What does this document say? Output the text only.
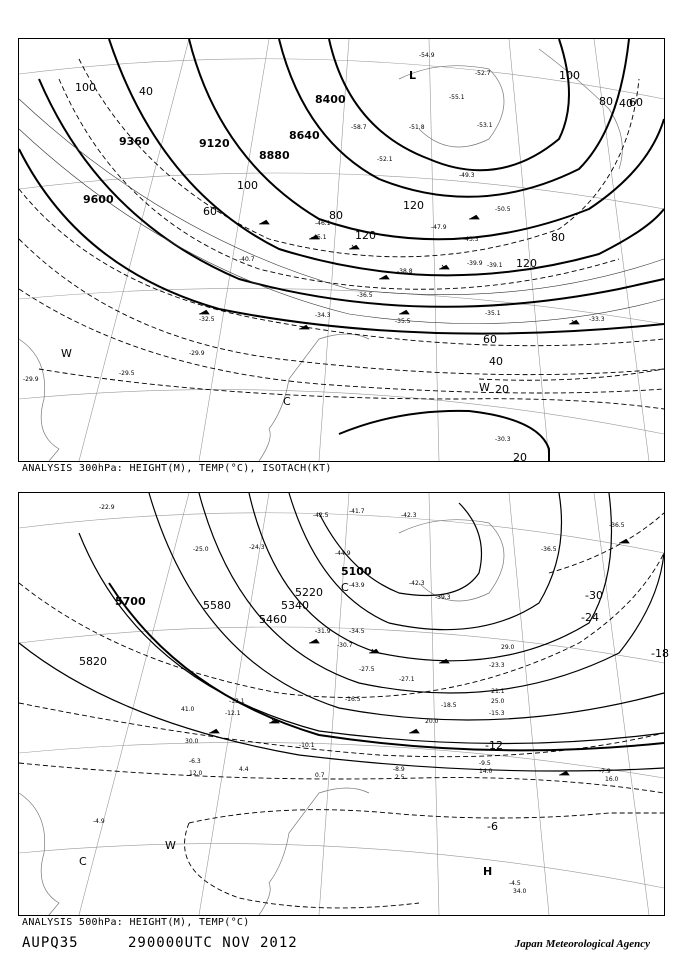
8400
8640
8880
9120
9360
9600
100	40
60	80
120
100
80
120
60
40
20
20
40
60
80
100
120
L
C
W
W
-54.9
-52.7
-58.7	-51.8
-52.1
-49.3
-46.1
-47.9
-43.3
-45.1
-40.7
-39.9
-38.8
-39.1
-36.5
-35.5
-34.3	-35.1
-33.3
-32.5
-29.9
-29.5
-29.9
-30.3
-55.1
-53.1
-50.5
ANALYSIS 300hPa: HEIGHT(M), TEMP(°C), ISOTACH(KT)
5100
5220
5340
5460
5580
5700
5820
-30
-24
-18
-12
-6
C
C
W
H
-42.5
-41.7
-42.3
-44.9
-43.9
-39.3
-42.3
-34.5
-31.9
-30.7
-27.5
-27.1
-23.3
-21.1
-18.5
-16.5
-15.3
-13.1
-12.1
-10.1
-9.5
-8.9	-7.9
-6.3
-4.9
-4.5
-22.9
-24.3
-25.0	-36.5
-36.5
34.0
16.0
14.0
2.5
0.7
4.4
12.0
30.0
41.0
25.0
20.0
29.0
ANALYSIS 500hPa: HEIGHT(M), TEMP(°C)
AUPQ35	290000UTC NOV 2012	Japan Meteorological Agency
